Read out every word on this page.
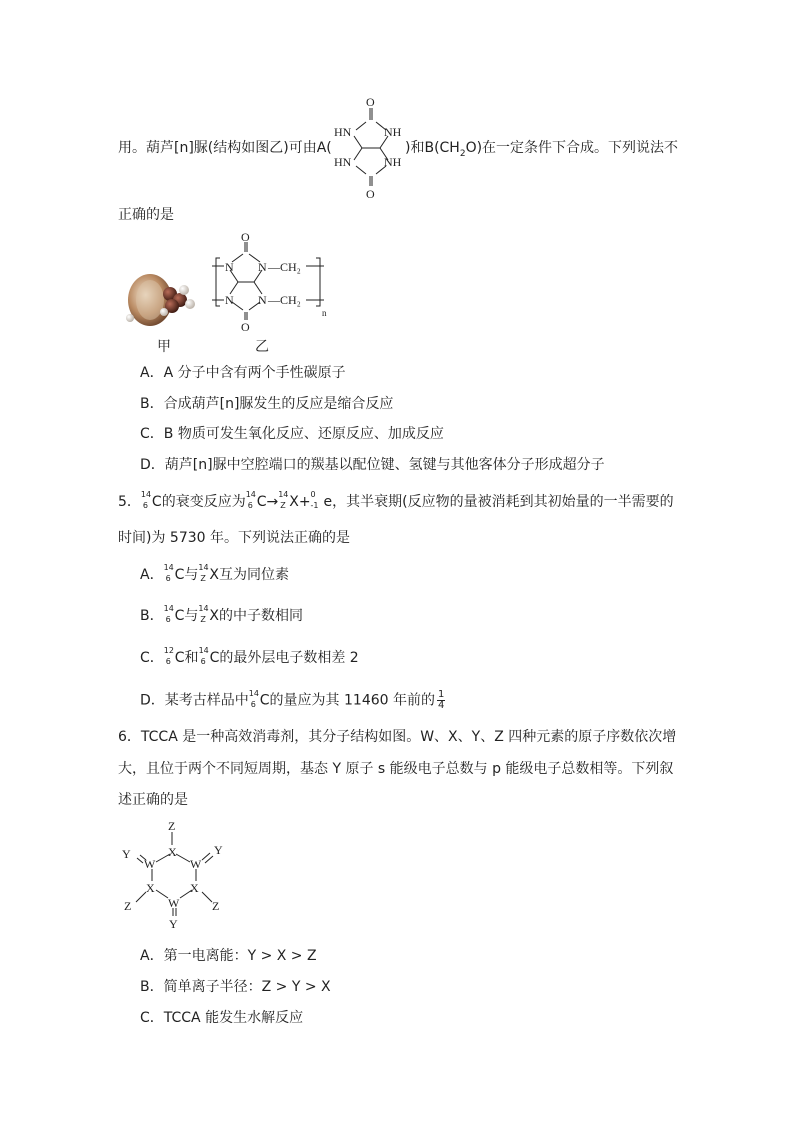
用。葫芦[n]脲(结构如图乙)可由A(
O
HN	NH
HN	NH
O
)和$B(CH_2O)$在一定条件下合成。下列说法不
正确的是
甲
O
N N
N N
O
—CH₂
—CH₂
n
乙
A．A 分子中含有两个手性碳原子
B．合成葫芦[n]脲发生的反应是缩合反应
C．B 物质可发生氧化反应、还原反应、加成反应
D．葫芦[n]脲中空腔端口的羰基以配位键、氢键与其他客体分子形成超分子
5． 14
6 C的衰变反应为 14
6 C→ 14
Z X+ 0
-1 e，其半衰期(反应物的量被消耗到其初始量的一半需要的
时间)为 5730 年。下列说法正确的是
A． 14
6 C与 14
Z X互为同位素
B． 14
6 C与 14
Z X的中子数相同
C． 12
6 C和 14
6 C的最外层电子数相差 2
D．某考古样品中 14
6 C的量应为其 11460 年前的 $\frac{1}{4}$
6．TCCA 是一种高效消毒剂，其分子结构如图。W、X、Y、Z 四种元素的原子序数依次增
大，且位于两个不同短周期，基态 Y 原子 s 能级电子总数与 p 能级电子总数相等。下列叙
述正确的是
Z
Y
W
X
W
Y
X	X
Z	Z
W
Y
A．第一电离能：Y > X > Z
B．简单离子半径：Z > Y > X
C．TCCA 能发生水解反应
